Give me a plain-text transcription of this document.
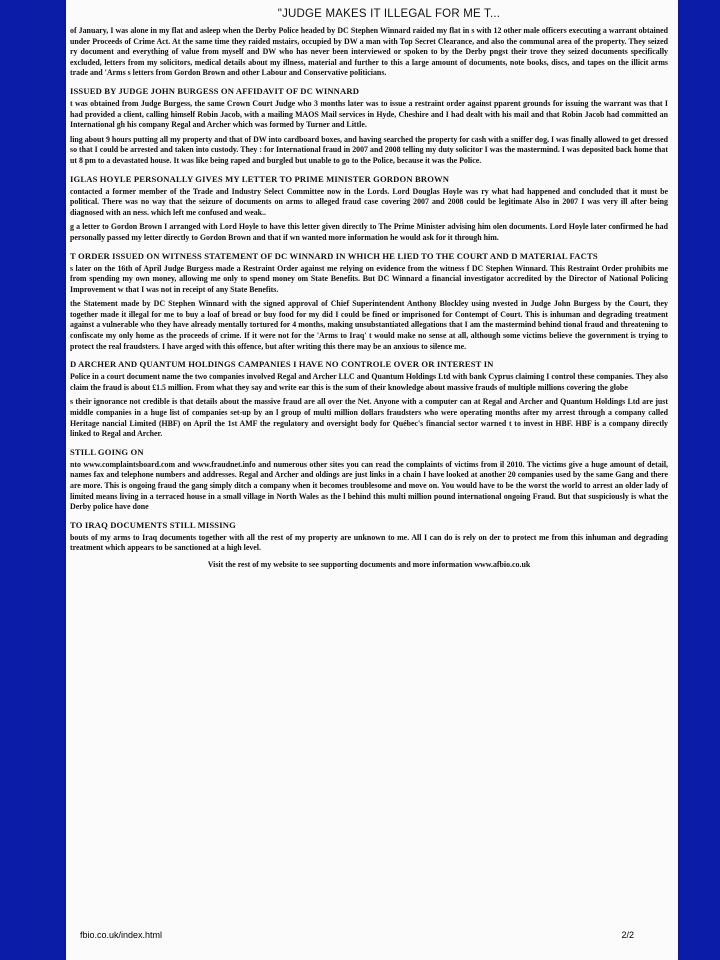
"JUDGE MAKES IT ILLEGAL FOR ME T...

of January, I was alone in my flat and asleep when the Derby Police headed by DC Stephen Winnard raided my flat in s with 12 other male officers executing a warrant obtained under Proceeds of Crime Act. At the same time they raided mstairs, occupied by DW a man with Top Secret Clearance, and also the communal area of the property. They seized ry document and everything of value from myself and DW who has never been interviewed or spoken to by the Derby pngst their trove they seized documents specifically excluded, letters from my solicitors, medical details about my illness, material and further to this a large amount of documents, note books, discs, and tapes on the illicit arms trade and 'Arms s letters from Gordon Brown and other Labour and Conservative politicians.

ISSUED BY JUDGE JOHN BURGESS ON AFFIDAVIT OF DC WINNARD

t was obtained from Judge Burgess, the same Crown Court Judge who 3 months later was to issue a restraint order against pparent grounds for issuing the warrant was that I had provided a client, calling himself Robin Jacob, with a mailing MAOS Mail services in Hyde, Cheshire and I had dealt with his mail and that Robin Jacob had committed an International gh his company Regal and Archer which was formed by Turner and Little.

ling about 9 hours putting all my property and that of DW into cardboard boxes, and having searched the property for cash with a sniffer dog, I was finally allowed to get dressed so that I could be arrested and taken into custody. They : for International fraud in 2007 and 2008 telling my duty solicitor I was the mastermind. I was deposited back home that ut 8 pm to a devastated house. It was like being raped and burgled but unable to go to the Police, because it was the Police.

IGLAS HOYLE PERSONALLY GIVES MY LETTER TO PRIME MINISTER GORDON BROWN

contacted a former member of the Trade and Industry Select Committee now in the Lords. Lord Douglas Hoyle was ry what had happened and concluded that it must be political. There was no way that the seizure of documents on arms to alleged fraud case covering 2007 and 2008 could be legitimate Also in 2007 I was very ill after being diagnosed with an ness. which left me confused and weak..

g a letter to Gordon Brown I arranged with Lord Hoyle to have this letter given directly to The Prime Minister advising him olen documents. Lord Hoyle later confirmed he had personally passed my letter directly to Gordon Brown and that if wn wanted more information he would ask for it through him.

T ORDER ISSUED ON WITNESS STATEMENT OF DC WINNARD IN WHICH HE LIED TO THE COURT AND D MATERIAL FACTS

s later on the 16th of April Judge Burgess made a Restraint Order against me relying on evidence from the witness f DC Stephen Winnard. This Restraint Order prohibits me from spending my own money, allowing me only to spend money om State Benefits. But DC Winnard a financial investigator accredited by the Director of National Policing Improvement w that I was not in receipt of any State Benefits.

the Statement made by DC Stephen Winnard with the signed approval of Chief Superintendent Anthony Blockley using nvested in Judge John Burgess by the Court, they together made it illegal for me to buy a loaf of bread or buy food for my did I could be fined or imprisoned for Contempt of Court. This is inhuman and degrading treatment against a vulnerable who they have already mentally tortured for 4 months, making unsubstantiated allegations that I am the mastermind behind tional fraud and threatening to confiscate my only home as the proceeds of crime. If it were not for the 'Arms to Iraq' t would make no sense at all, although some victims believe the government is trying to protect the real fraudsters. I have arged with this offence, but after writing this there may be an anxious to silence me.

D ARCHER AND QUANTUM HOLDINGS CAMPANIES I HAVE NO CONTROLE OVER OR INTEREST IN

Police in a court document name the two companies involved Regal and Archer LLC and Quantum Holdings Ltd with bank Cyprus claiming I control these companies. They also claim the fraud is about £1.5 million. From what they say and write ear this is the sum of their knowledge about massive frauds of multiple millions covering the globe

s their ignorance not credible is that details about the massive fraud are all over the Net. Anyone with a computer can at Regal and Archer and Quantum Holdings Ltd are just middle companies in a huge list of companies set-up by an l group of multi million dollars fraudsters who were operating months after my arrest through a company called Heritage nancial Limited (HBF) on April the 1st AMF the regulatory and oversight body for Québec's financial sector warned t to invest in HBF. HBF is a company directly linked to Regal and Archer.

STILL GOING ON

nto www.complaintsboard.com and www.fraudnet.info and numerous other sites you can read the complaints of victims from il 2010. The victims give a huge amount of detail, names fax and telephone numbers and addresses. Regal and Archer and oldings are just links in a chain I have looked at another 20 companies used by the same Gang and there are more. This is ongoing fraud the gang simply ditch a company when it becomes troublesome and move on. You would have to be the worst the world to arrest an older lady of limited means living in a terraced house in a small village in North Wales as the l behind this multi million pound international ongoing Fraud. But that suspiciously is what the Derby police have done

TO IRAQ DOCUMENTS STILL MISSING

bouts of my arms to Iraq documents together with all the rest of my property are unknown to me. All I can do is rely on der to protect me from this inhuman and degrading treatment which appears to be sanctioned at a high level.

Visit the rest of my website to see supporting documents and more information www.afbio.co.uk

fbio.co.uk/index.html	2/2
